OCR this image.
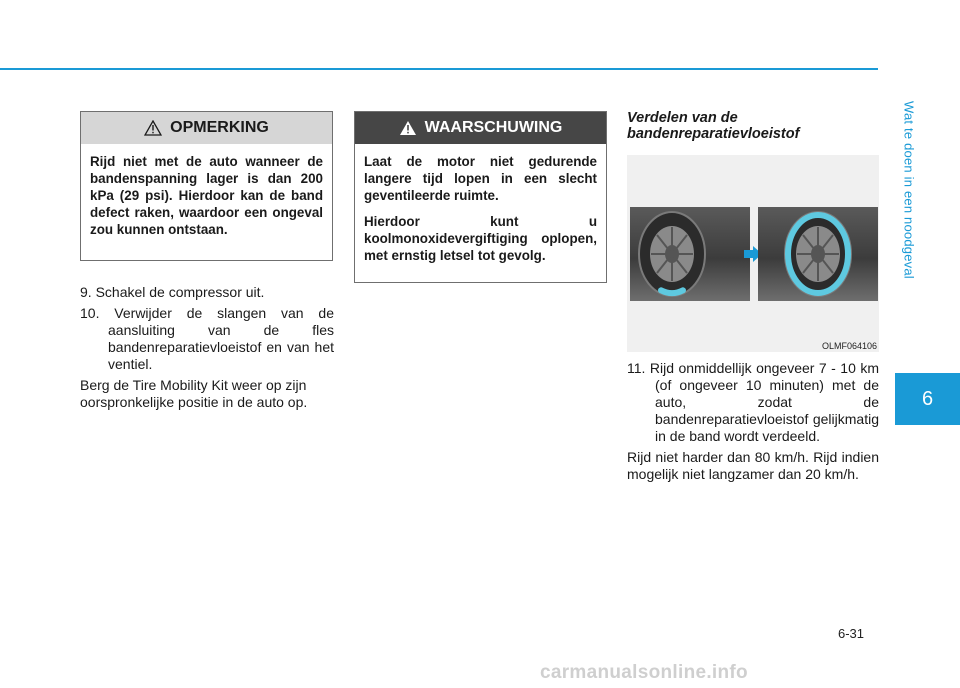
Wat te doen in een noodgeval
6
6-31
OPMERKING

Rijd niet met de auto wanneer de bandenspanning lager is dan 200 kPa (29 psi). Hierdoor kan de band defect raken, waardoor een ongeval zou kunnen ontstaan.

9. Schakel de compressor uit.

10. Verwijder de slangen van de aansluiting van de fles bandenreparatievloeistof en van het ventiel.

Berg de Tire Mobility Kit weer op zijn oorspronkelijke positie in de auto op.

WAARSCHUWING

Laat de motor niet gedurende langere tijd lopen in een slecht geventileerde ruimte.

Hierdoor kunt u koolmonoxidevergiftiging oplopen, met ernstig letsel tot gevolg.

Verdelen van de bandenreparatievloeistof
OLMF064106

11. Rijd onmiddellijk ongeveer 7 - 10 km (of ongeveer 10 minuten) met de auto, zodat de bandenreparatievloeistof gelijkmatig in de band wordt verdeeld.

Rijd niet harder dan 80 km/h. Rijd indien mogelijk niet langzamer dan 20 km/h.

carmanualsonline.info
